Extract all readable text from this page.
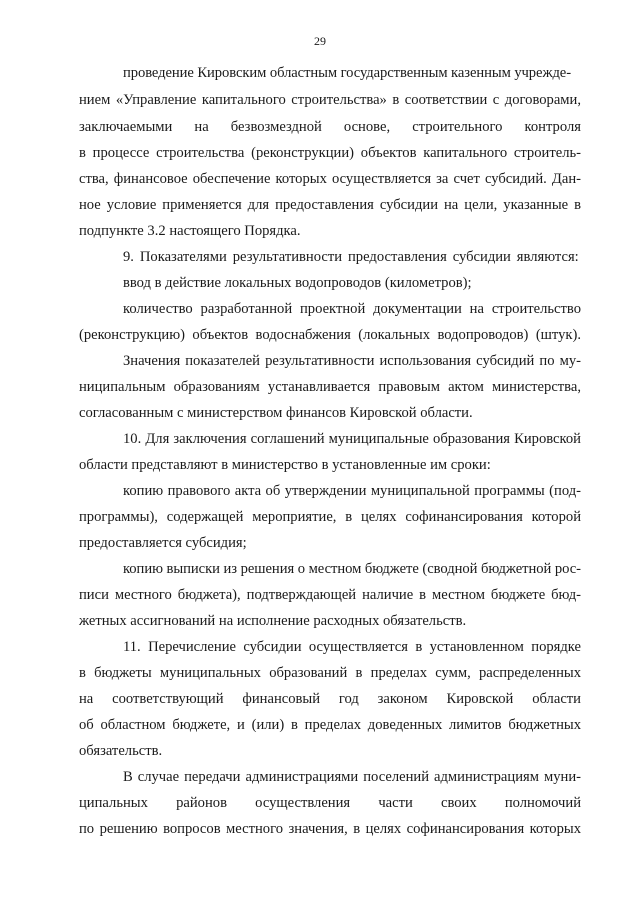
29
проведение Кировским областным государственным казенным учрежде-
нием «Управление капитального строительства» в соответствии с договорами,
заключаемыми на безвозмездной основе, строительного контроля
в процессе строительства (реконструкции) объектов капитального строитель-
ства, финансовое обеспечение которых осуществляется за счет субсидий. Дан-
ное условие применяется для предоставления субсидии на цели, указанные в
подпункте 3.2 настоящего Порядка.
9. Показателями результативности предоставления субсидии являются:
ввод в действие локальных водопроводов (километров);
количество разработанной проектной документации на строительство
(реконструкцию) объектов водоснабжения (локальных водопроводов) (штук).
Значения показателей результативности использования субсидий по му-
ниципальным образованиям устанавливается правовым актом министерства,
согласованным с министерством финансов Кировской области.
10. Для заключения соглашений муниципальные образования Кировской
области представляют в министерство в установленные им сроки:
копию правового акта об утверждении муниципальной программы (под-
программы), содержащей мероприятие, в целях софинансирования которой
предоставляется субсидия;
копию выписки из решения о местном бюджете (сводной бюджетной рос-
писи местного бюджета), подтверждающей наличие в местном бюджете бюд-
жетных ассигнований на исполнение расходных обязательств.
11. Перечисление субсидии осуществляется в установленном порядке
в бюджеты муниципальных образований в пределах сумм, распределенных
на соответствующий финансовый год законом Кировской области
об областном бюджете, и (или) в пределах доведенных лимитов бюджетных
обязательств.
В случае передачи администрациями поселений администрациям муни-
ципальных районов осуществления части своих полномочий
по решению вопросов местного значения, в целях софинансирования которых
